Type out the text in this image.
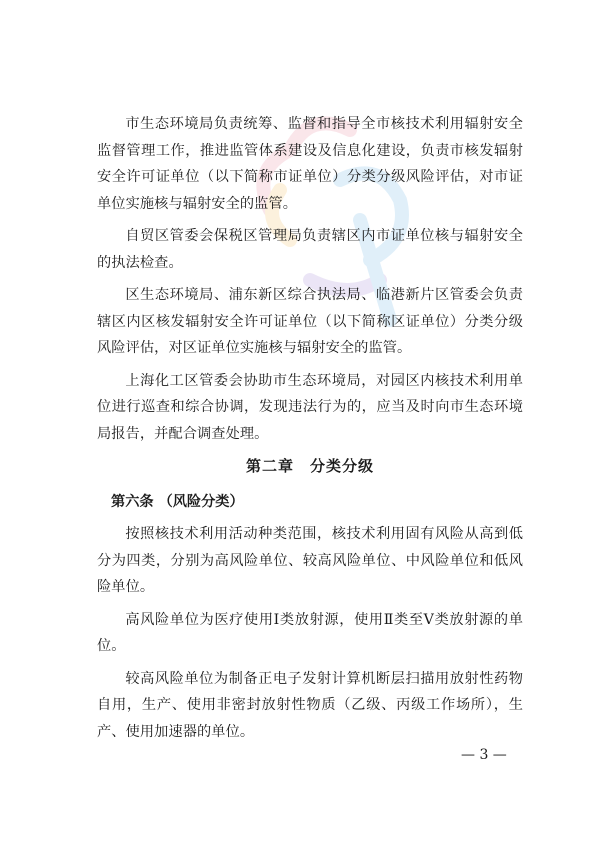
市生态环境局负责统筹、监督和指导全市核技术利用辐射安全监督管理工作，推进监管体系建设及信息化建设，负责市核发辐射安全许可证单位（以下简称市证单位）分类分级风险评估，对市证单位实施核与辐射安全的监管。

自贸区管委会保税区管理局负责辖区内市证单位核与辐射安全的执法检查。

区生态环境局、浦东新区综合执法局、临港新片区管委会负责辖区内区核发辐射安全许可证单位（以下简称区证单位）分类分级风险评估，对区证单位实施核与辐射安全的监管。

上海化工区管委会协助市生态环境局，对园区内核技术利用单位进行巡查和综合协调，发现违法行为的，应当及时向市生态环境局报告，并配合调查处理。

第二章　分类分级

第六条 （风险分类）

按照核技术利用活动种类范围，核技术利用固有风险从高到低分为四类，分别为高风险单位、较高风险单位、中风险单位和低风险单位。

高风险单位为医疗使用Ⅰ类放射源，使用Ⅱ类至Ⅴ类放射源的单位。

较高风险单位为制备正电子发射计算机断层扫描用放射性药物自用，生产、使用非密封放射性物质（乙级、丙级工作场所），生产、使用加速器的单位。

— 3 —
